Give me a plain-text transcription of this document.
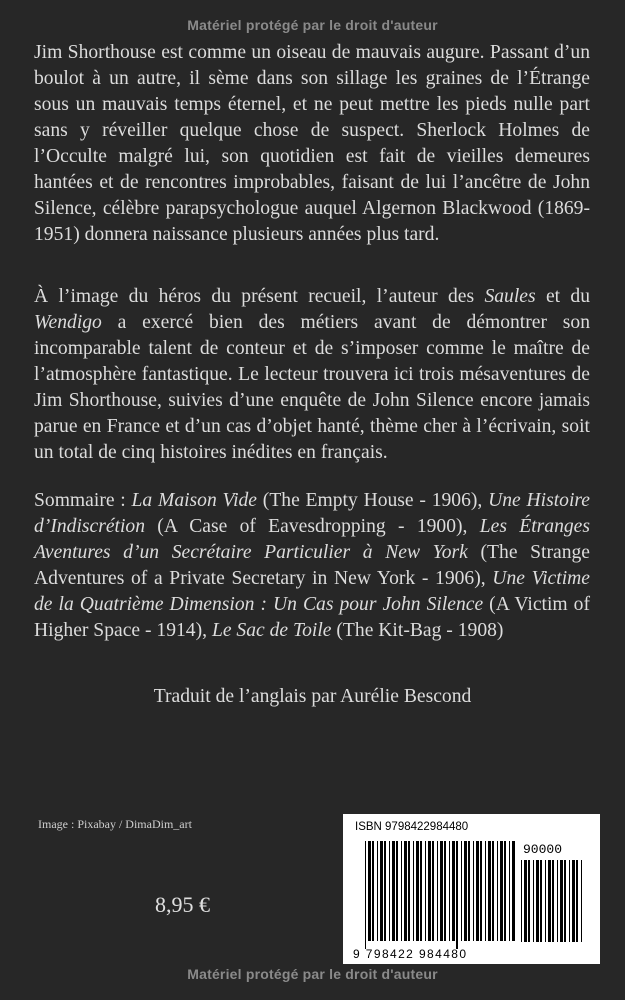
Matériel protégé par le droit d'auteur
Jim Shorthouse est comme un oiseau de mauvais augure. Passant d’un boulot à un autre, il sème dans son sillage les graines de l’Étrange sous un mauvais temps éternel, et ne peut mettre les pieds nulle part sans y réveiller quelque chose de suspect. Sherlock Holmes de l’Occulte malgré lui, son quotidien est fait de vieilles demeures hantées et de rencontres improbables, faisant de lui l’ancêtre de John Silence, célèbre parapsychologue auquel Algernon Blackwood (1869-1951) donnera naissance plusieurs années plus tard.
À l’image du héros du présent recueil, l’auteur des Saules et du Wendigo a exercé bien des métiers avant de démontrer son incomparable talent de conteur et de s’imposer comme le maître de l’atmosphère fantastique. Le lecteur trouvera ici trois mésaventures de Jim Shorthouse, suivies d’une enquête de John Silence encore jamais parue en France et d’un cas d’objet hanté, thème cher à l’écrivain, soit un total de cinq histoires inédites en français.
Sommaire : La Maison Vide (The Empty House - 1906), Une Histoire d’Indiscrétion (A Case of Eavesdropping - 1900), Les Étranges Aventures d’un Secrétaire Particulier à New York (The Strange Adventures of a Private Secretary in New York - 1906), Une Victime de la Quatrième Dimension : Un Cas pour John Silence (A Victim of Higher Space - 1914), Le Sac de Toile (The Kit-Bag - 1908)
Traduit de l’anglais par Aurélie Bescond
Image : Pixabay / DimaDim_art
8,95 €
ISBN 9798422984480
90000
9 798422 984480
Matériel protégé par le droit d'auteur
